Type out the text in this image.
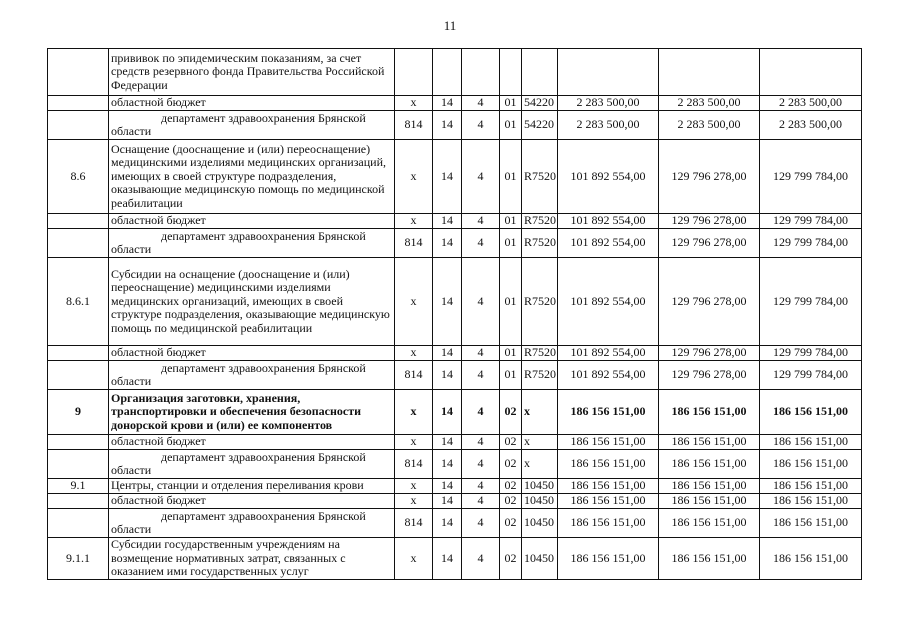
11
	прививок по эпидемическим показаниям, за счет средств резервного фонда Правительства Российской Федерации								
	областной бюджет	x	14	4	01	54220	2 283 500,00	2 283 500,00	2 283 500,00

	департамент здравоохранения Брянской области	814	14	4	01	54220	2 283 500,00	2 283 500,00	2 283 500,00
8.6	Оснащение (дооснащение и (или) переоснащение) медицинскими изделиями медицинских организаций, имеющих в своей структуре подразделения, оказывающие медицинскую помощь по медицинской реабилитации	x	14	4	01	R7520	101 892 554,00	129 796 278,00	129 799 784,00
	областной бюджет	x	14	4	01	R7520	101 892 554,00	129 796 278,00	129 799 784,00

	департамент здравоохранения Брянской области	814	14	4	01	R7520	101 892 554,00	129 796 278,00	129 799 784,00
8.6.1	Субсидии на оснащение (дооснащение и (или) переоснащение) медицинскими изделиями медицинских организаций, имеющих в своей структуре подразделения, оказывающие медицинскую помощь по медицинской реабилитации	x	14	4	01	R7520	101 892 554,00	129 796 278,00	129 799 784,00
	областной бюджет	x	14	4	01	R7520	101 892 554,00	129 796 278,00	129 799 784,00

	департамент здравоохранения Брянской области	814	14	4	01	R7520	101 892 554,00	129 796 278,00	129 799 784,00
9	Организация заготовки, хранения, транспортировки и обеспечения безопасности донорской крови и (или) ее компонентов	x	14	4	02	x	186 156 151,00	186 156 151,00	186 156 151,00
	областной бюджет	x	14	4	02	x	186 156 151,00	186 156 151,00	186 156 151,00

	департамент здравоохранения Брянской области	814	14	4	02	x	186 156 151,00	186 156 151,00	186 156 151,00
9.1	Центры, станции и отделения переливания крови	x	14	4	02	10450	186 156 151,00	186 156 151,00	186 156 151,00
	областной бюджет	x	14	4	02	10450	186 156 151,00	186 156 151,00	186 156 151,00

	департамент здравоохранения Брянской области	814	14	4	02	10450	186 156 151,00	186 156 151,00	186 156 151,00
9.1.1	Субсидии государственным учреждениям на возмещение нормативных затрат, связанных с оказанием ими государственных услуг	x	14	4	02	10450	186 156 151,00	186 156 151,00	186 156 151,00
